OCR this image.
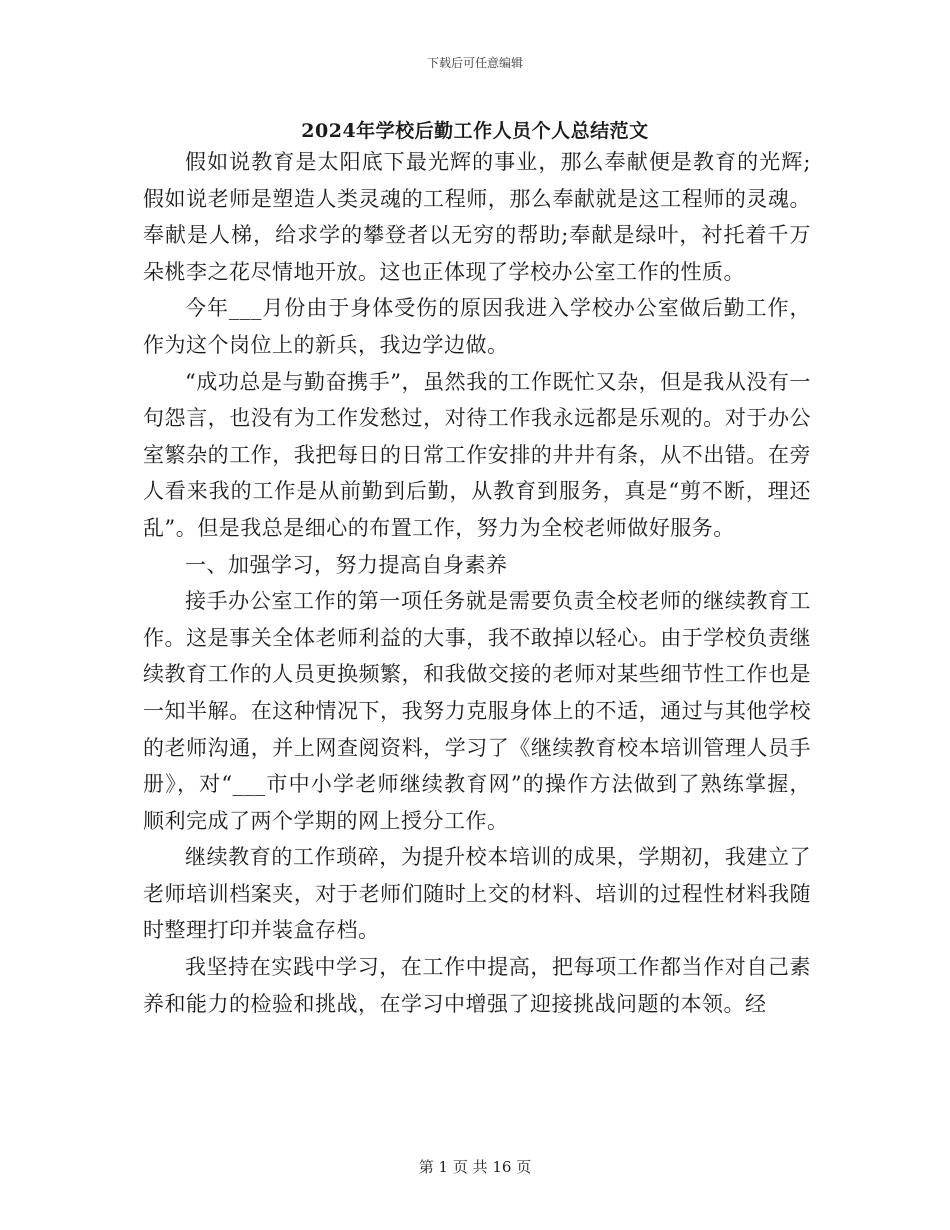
下载后可任意编辑
2024年学校后勤工作人员个人总结范文

假如说教育是太阳底下最光辉的事业，那么奉献便是教育的光辉;假如说老师是塑造人类灵魂的工程师，那么奉献就是这工程师的灵魂。奉献是人梯，给求学的攀登者以无穷的帮助;奉献是绿叶，衬托着千万朵桃李之花尽情地开放。这也正体现了学校办公室工作的性质。

今年___月份由于身体受伤的原因我进入学校办公室做后勤工作，作为这个岗位上的新兵，我边学边做。

“成功总是与勤奋携手”，虽然我的工作既忙又杂，但是我从没有一句怨言，也没有为工作发愁过，对待工作我永远都是乐观的。对于办公室繁杂的工作，我把每日的日常工作安排的井井有条，从不出错。在旁人看来我的工作是从前勤到后勤，从教育到服务，真是“剪不断，理还乱”。但是我总是细心的布置工作，努力为全校老师做好服务。

一、加强学习，努力提高自身素养

接手办公室工作的第一项任务就是需要负责全校老师的继续教育工作。这是事关全体老师利益的大事，我不敢掉以轻心。由于学校负责继续教育工作的人员更换频繁，和我做交接的老师对某些细节性工作也是一知半解。在这种情况下，我努力克服身体上的不适，通过与其他学校的老师沟通，并上网查阅资料，学习了《继续教育校本培训管理人员手册》，对“___市中小学老师继续教育网”的操作方法做到了熟练掌握，顺利完成了两个学期的网上授分工作。

继续教育的工作琐碎，为提升校本培训的成果，学期初，我建立了老师培训档案夹，对于老师们随时上交的材料、培训的过程性材料我随时整理打印并装盒存档。

我坚持在实践中学习，在工作中提高，把每项工作都当作对自己素养和能力的检验和挑战，在学习中增强了迎接挑战问题的本领。经

第 1 页 共 16 页
